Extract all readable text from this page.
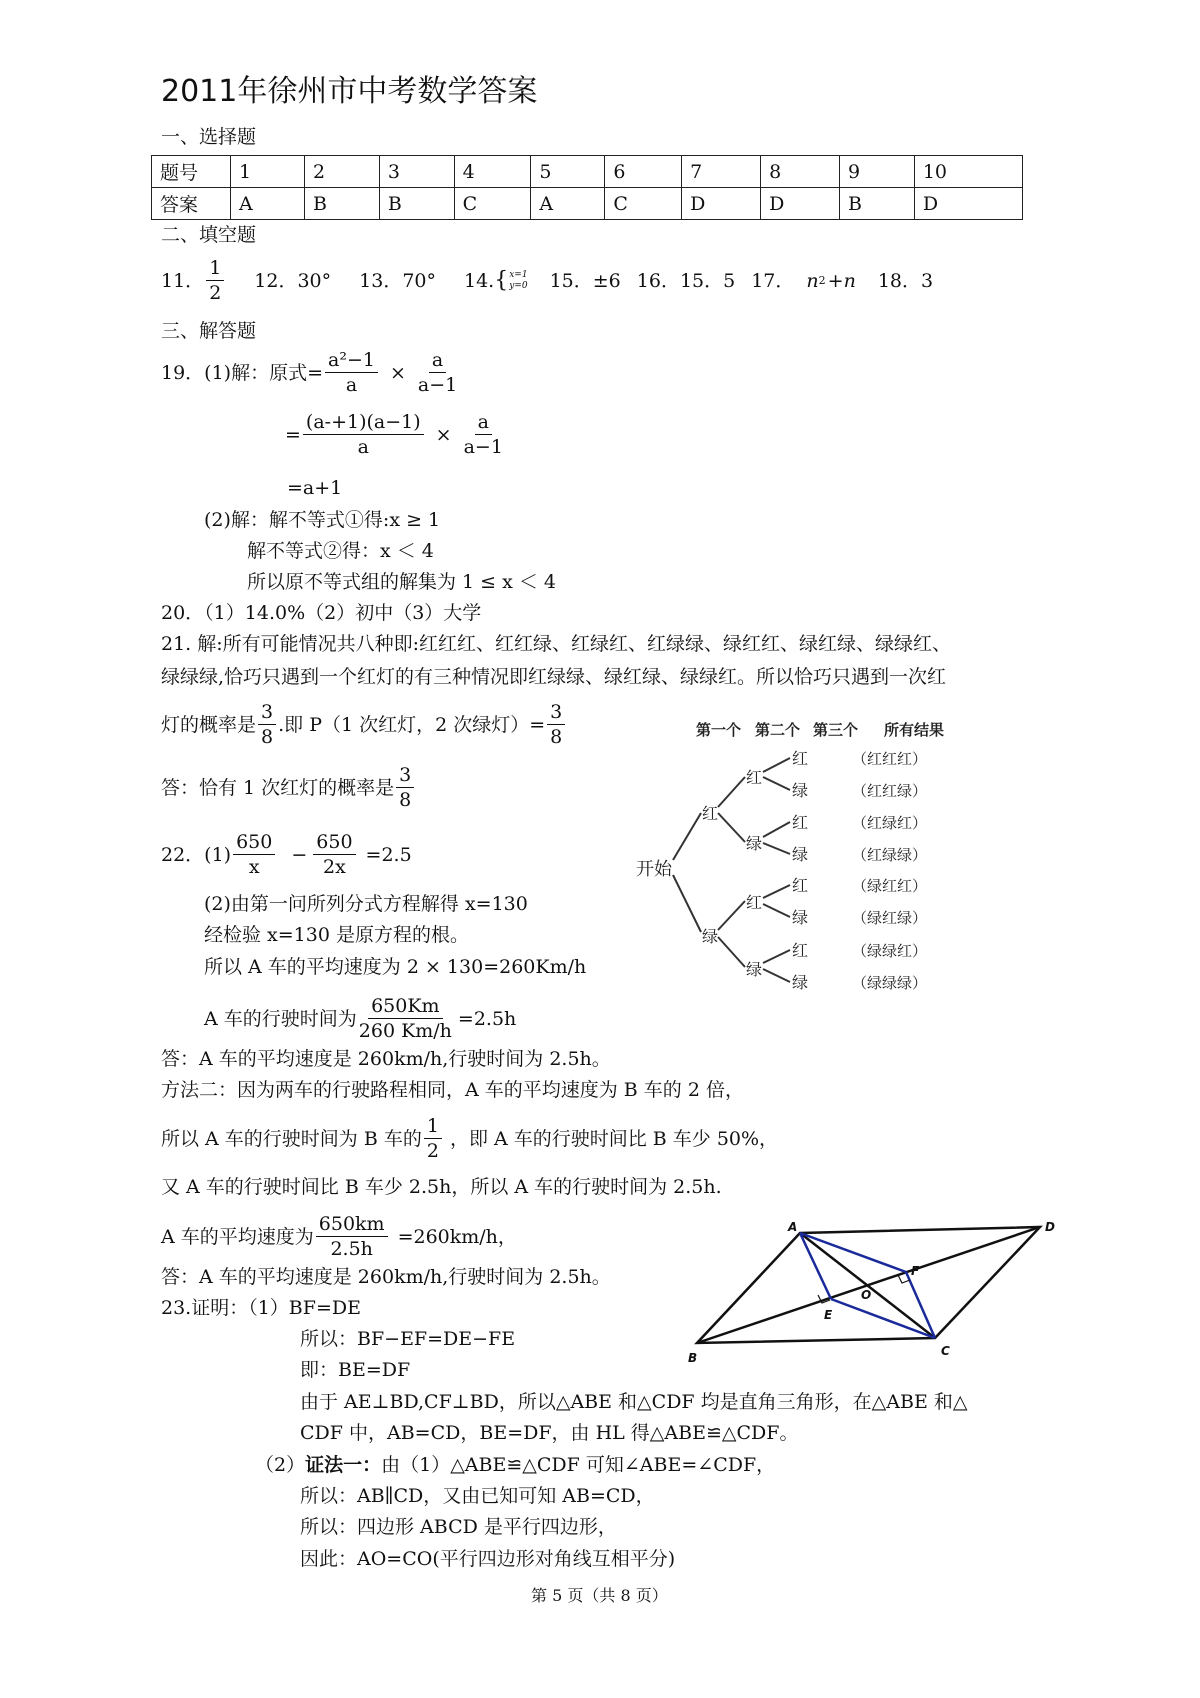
2011年徐州市中考数学答案
一、选择题
题号	1	2	3	4	5	6	7	8	9	10
答案	A	B	B	C	A	C	D	D	B	D
二、填空题
11． $\frac{1}{2} 12$．30° 13．70° 14. { x=1
y=0 15．±6 16．15．5 17． n 2 + n 18．3
三、解答题
19．(1)解：原式= $\frac{\text{a²−1}}{a} \times \frac{a}{a-1}$
= $\frac{(a-+1)(a-1)}{a} \times \frac{a}{a-1}$
=a+1
(2)解：解不等式①得:x ≥ 1
解不等式②得：x ＜ 4
所以原不等式组的解集为 1 ≤ x ＜ 4
20．（1）14.0%（2）初中（3）大学
21. 解:所有可能情况共八种即:红红红、红红绿、红绿红、红绿绿、绿红红、绿红绿、绿绿红、
绿绿绿,恰巧只遇到一个红灯的有三种情况即红绿绿、绿红绿、绿绿红。所以恰巧只遇到一次红
灯的概率是 $\frac{3}{8}$ .即 P（1 次红灯，2 次绿灯）= $\frac{3}{8}$
答：恰有 1 次红灯的概率是 $\frac{3}{8}$
第一个 第二个 第三个 所有结果
开始
红
绿
红
绿
红
绿
红
绿
红
绿
红
绿
红
绿
（红红红）
（红红绿）
（红绿红）
（红绿绿）
（绿红红）
（绿红绿）
（绿绿红）
（绿绿绿）
22．$(1) \frac{650}{x} - \frac{650}{2x} =2.5$
(2)由第一问所列分式方程解得 x=130
经检验 x=130 是原方程的根。
所以 A 车的平均速度为 2 × 130=260Km/h
A 车的行驶时间为 $\frac{650Km}{260 Km/h} =2.5h$
答：A 车的平均速度是 260km/h,行驶时间为 2.5h。
方法二：因为两车的行驶路程相同，A 车的平均速度为 B 车的 2 倍，
所以 A 车的行驶时间为 B 车的 $\frac{1}{2}$ ，即 A 车的行驶时间比 B 车少 50%，
又 A 车的行驶时间比 B 车少 2.5h，所以 A 车的行驶时间为 2.5h.
A 车的平均速度为 $\frac{650km}{2.5h} =260km/h$，
答：A 车的平均速度是 260km/h,行驶时间为 2.5h。
A	D
B	C
O
E
F
23.证明：（1）BF=DE
所以：BF−EF=DE−FE
即：BE=DF
由于 AE⊥BD,CF⊥BD，所以△ABE 和△CDF 均是直角三角形，在△ABE 和△
CDF 中，AB=CD，BE=DF，由 HL 得△ABE≌△CDF。
（2）证法一：由（1）△ABE≌△CDF 可知∠ABE=∠CDF，
所以：AB∥CD，又由已知可知 AB=CD，
所以：四边形 ABCD 是平行四边形，
因此：AO=CO(平行四边形对角线互相平分)
第 5 页（共 8 页）
